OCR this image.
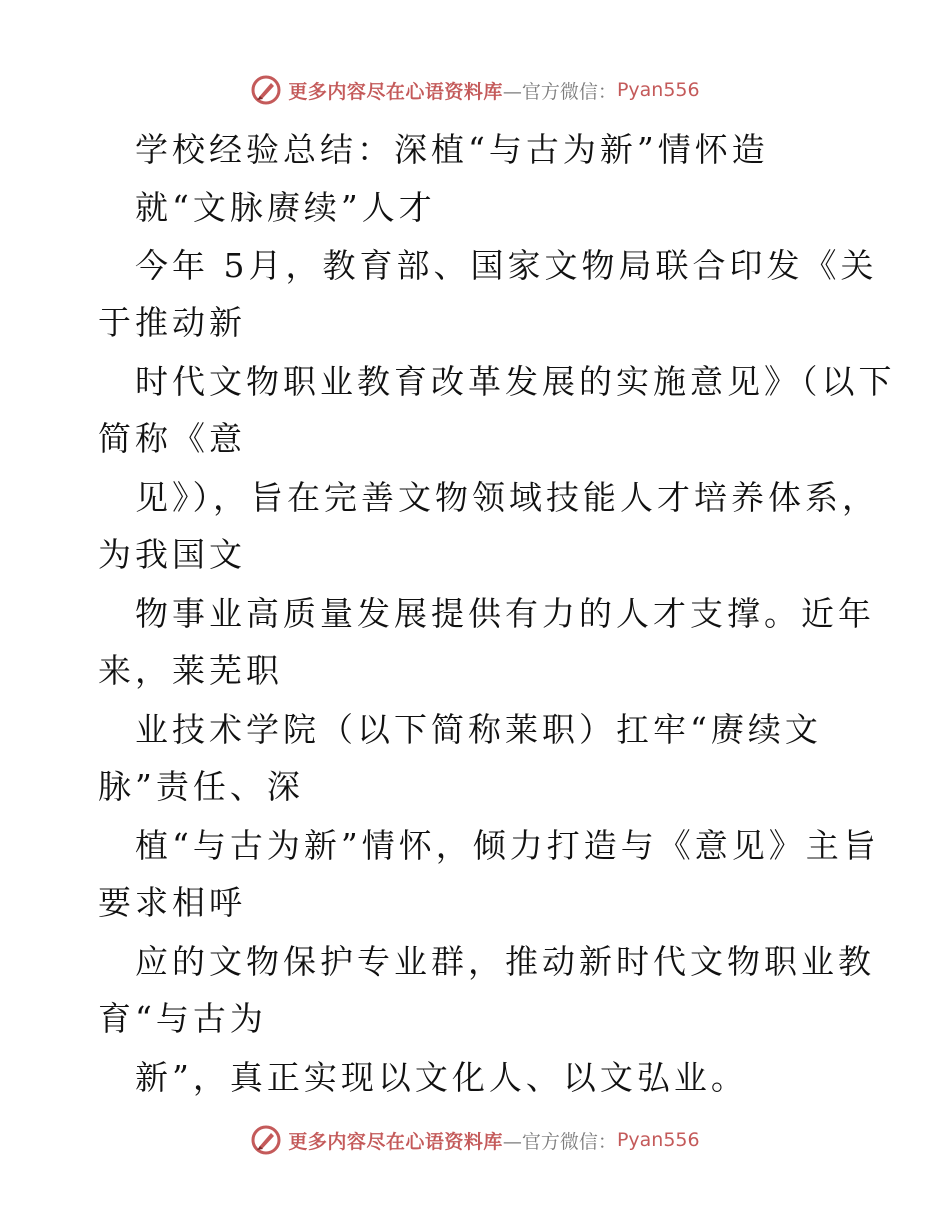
更多内容尽在心语资料库 —官方微信： Pyan556
学校经验总结：深植“与古为新”情怀造
就“文脉赓续”人才
今年 5月，教育部、国家文物局联合印发《关
于推动新
时代文物职业教育改革发展的实施意见》（以下
简称《意
见》），旨在完善文物领域技能人才培养体系，
为我国文
物事业高质量发展提供有力的人才支撑。近年
来，莱芜职
业技术学院（以下简称莱职）扛牢“赓续文
脉”责任、深
植“与古为新”情怀，倾力打造与《意见》主旨
要求相呼
应的文物保护专业群，推动新时代文物职业教
育“与古为
新”，真正实现以文化人、以文弘业。
更多内容尽在心语资料库 —官方微信： Pyan556
